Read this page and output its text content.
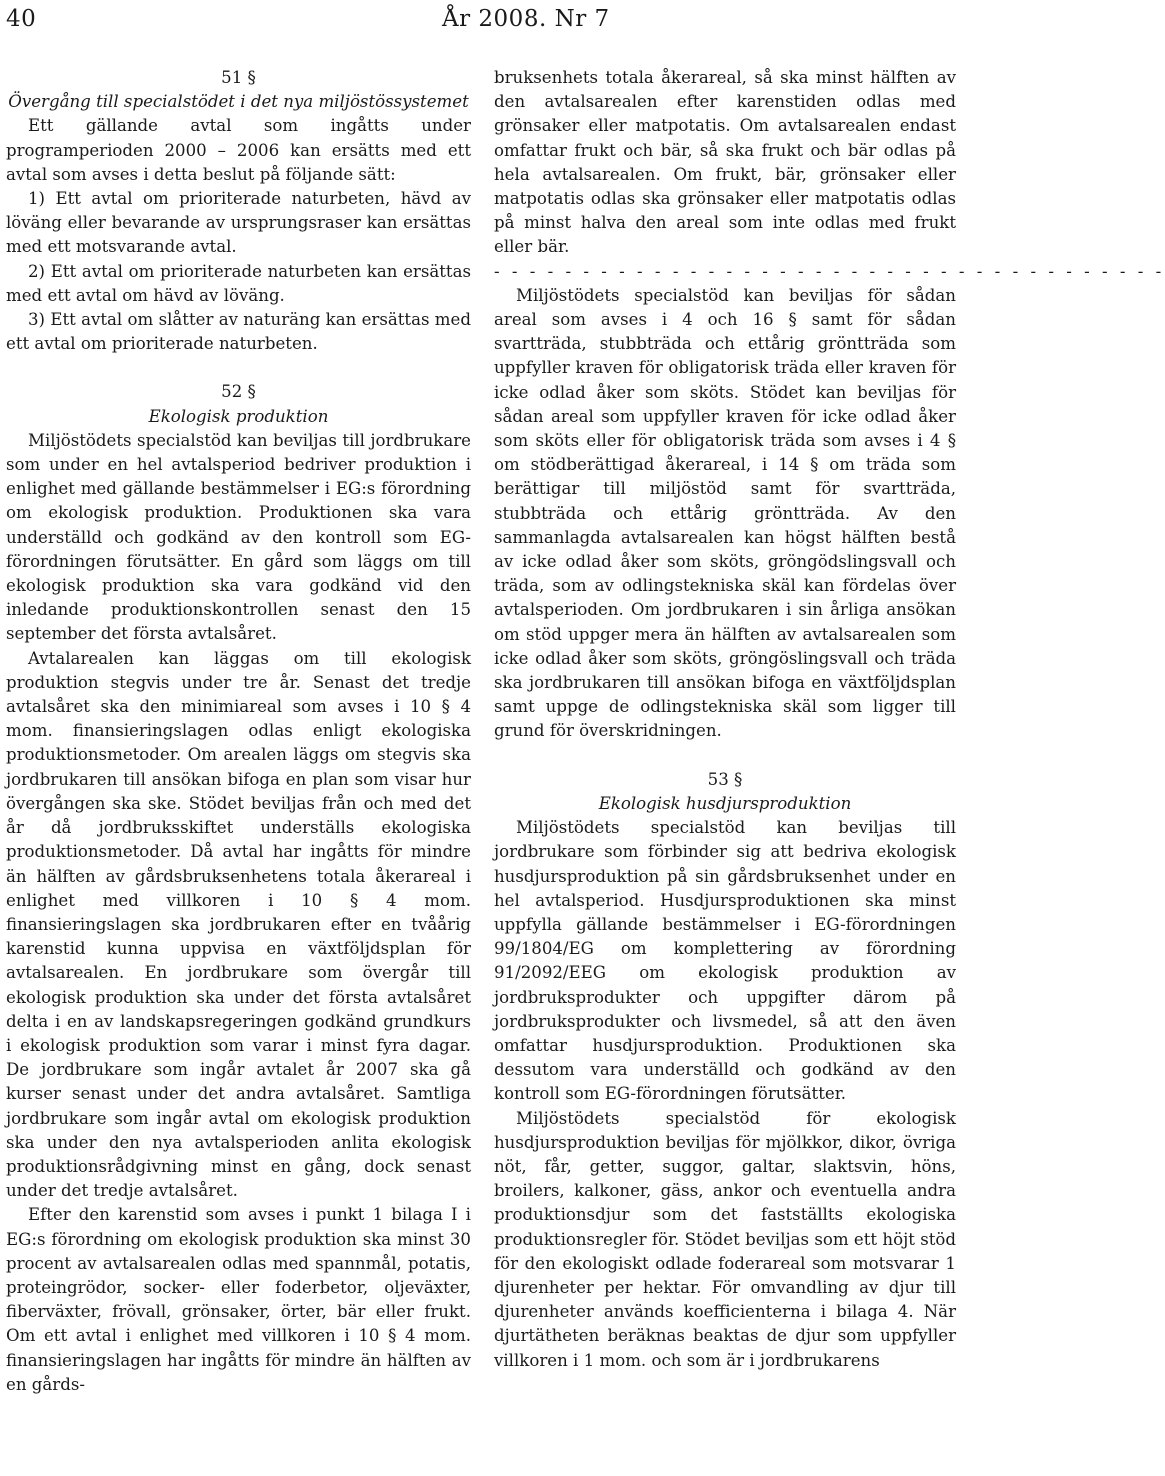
40	År 2008. Nr 7

51 §

Övergång till specialstödet i det nya miljöstössystemet

Ett gällande avtal som ingåtts under programperioden 2000 – 2006 kan ersätts med ett avtal som avses i detta beslut på följande sätt:

1) Ett avtal om prioriterade naturbeten, hävd av löväng eller bevarande av ursprungsraser kan ersättas med ett motsvarande avtal.

2) Ett avtal om prioriterade naturbeten kan ersättas med ett avtal om hävd av löväng.

3) Ett avtal om slåtter av naturäng kan ersättas med ett avtal om prioriterade naturbeten.

52 §

Ekologisk produktion

Miljöstödets specialstöd kan beviljas till jordbrukare som under en hel avtalsperiod bedriver produktion i enlighet med gällande bestämmelser i EG:s förordning om ekologisk produktion. Produktionen ska vara underställd och godkänd av den kontroll som EG-förordningen förutsätter. En gård som läggs om till ekologisk produktion ska vara godkänd vid den inledande produktionskontrollen senast den 15 september det första avtalsåret.

Avtalarealen kan läggas om till ekologisk produktion stegvis under tre år. Senast det tredje avtalsåret ska den minimiareal som avses i 10 § 4 mom. finansieringslagen odlas enligt ekologiska produktionsmetoder. Om arealen läggs om stegvis ska jordbrukaren till ansökan bifoga en plan som visar hur övergången ska ske. Stödet beviljas från och med det år då jordbruksskiftet underställs ekologiska produktionsmetoder. Då avtal har ingåtts för mindre än hälften av gårdsbruksenhetens totala åkerareal i enlighet med villkoren i 10 § 4 mom. finansieringslagen ska jordbrukaren efter en tvåårig karenstid kunna uppvisa en växtföljdsplan för avtalsarealen. En jordbrukare som övergår till ekologisk produktion ska under det första avtalsåret delta i en av landskapsregeringen godkänd grundkurs i ekologisk produktion som varar i minst fyra dagar. De jordbrukare som ingår avtalet år 2007 ska gå kurser senast under det andra avtalsåret. Samtliga jordbrukare som ingår avtal om ekologisk produktion ska under den nya avtalsperioden anlita ekologisk produktionsrådgivning minst en gång, dock senast under det tredje avtalsåret.

Efter den karenstid som avses i punkt 1 bilaga I i EG:s förordning om ekologisk produktion ska minst 30 procent av avtalsarealen odlas med spannmål, potatis, proteingrödor, socker- eller foderbetor, oljeväxter, fiberväxter, frövall, grönsaker, örter, bär eller frukt. Om ett avtal i enlighet med villkoren i 10 § 4 mom. finansieringslagen har ingåtts för mindre än hälften av en gårds-

bruksenhets totala åkerareal, så ska minst hälften av den avtalsarealen efter karenstiden odlas med grönsaker eller matpotatis. Om avtalsarealen endast omfattar frukt och bär, så ska frukt och bär odlas på hela avtalsarealen. Om frukt, bär, grönsaker eller matpotatis odlas ska grönsaker eller matpotatis odlas på minst halva den areal som inte odlas med frukt eller bär.

- - - - - - - - - - - - - - - - - - - - - - - - - - - - - - - - - - - - - -

Miljöstödets specialstöd kan beviljas för sådan areal som avses i 4 och 16 § samt för sådan svartträda, stubbträda och ettårig gröntträda som uppfyller kraven för obligatorisk träda eller kraven för icke odlad åker som sköts. Stödet kan beviljas för sådan areal som uppfyller kraven för icke odlad åker som sköts eller för obligatorisk träda som avses i 4 § om stödberättigad åkerareal, i 14 § om träda som berättigar till miljöstöd samt för svartträda, stubbträda och ettårig gröntträda. Av den sammanlagda avtalsarealen kan högst hälften bestå av icke odlad åker som sköts, gröngödslingsvall och träda, som av odlingstekniska skäl kan fördelas över avtalsperioden. Om jordbrukaren i sin årliga ansökan om stöd uppger mera än hälften av avtalsarealen som icke odlad åker som sköts, gröngöslingsvall och träda ska jordbrukaren till ansökan bifoga en växtföljdsplan samt uppge de odlingstekniska skäl som ligger till grund för överskridningen.

53 §

Ekologisk husdjursproduktion

Miljöstödets specialstöd kan beviljas till jordbrukare som förbinder sig att bedriva ekologisk husdjursproduktion på sin gårdsbruksenhet under en hel avtalsperiod. Husdjursproduktionen ska minst uppfylla gällande bestämmelser i EG-förordningen 99/1804/EG om komplettering av förordning 91/2092/EEG om ekologisk produktion av jordbruksprodukter och uppgifter därom på jordbruksprodukter och livsmedel, så att den även omfattar husdjursproduktion. Produktionen ska dessutom vara underställd och godkänd av den kontroll som EG-förordningen förutsätter.

Miljöstödets specialstöd för ekologisk husdjursproduktion beviljas för mjölkkor, dikor, övriga nöt, får, getter, suggor, galtar, slaktsvin, höns, broilers, kalkoner, gäss, ankor och eventuella andra produktionsdjur som det fastställts ekologiska produktionsregler för. Stödet beviljas som ett höjt stöd för den ekologiskt odlade foderareal som motsvarar 1 djurenheter per hektar. För omvandling av djur till djurenheter används koefficienterna i bilaga 4. När djurtätheten beräknas beaktas de djur som uppfyller villkoren i 1 mom. och som är i jordbrukarens
